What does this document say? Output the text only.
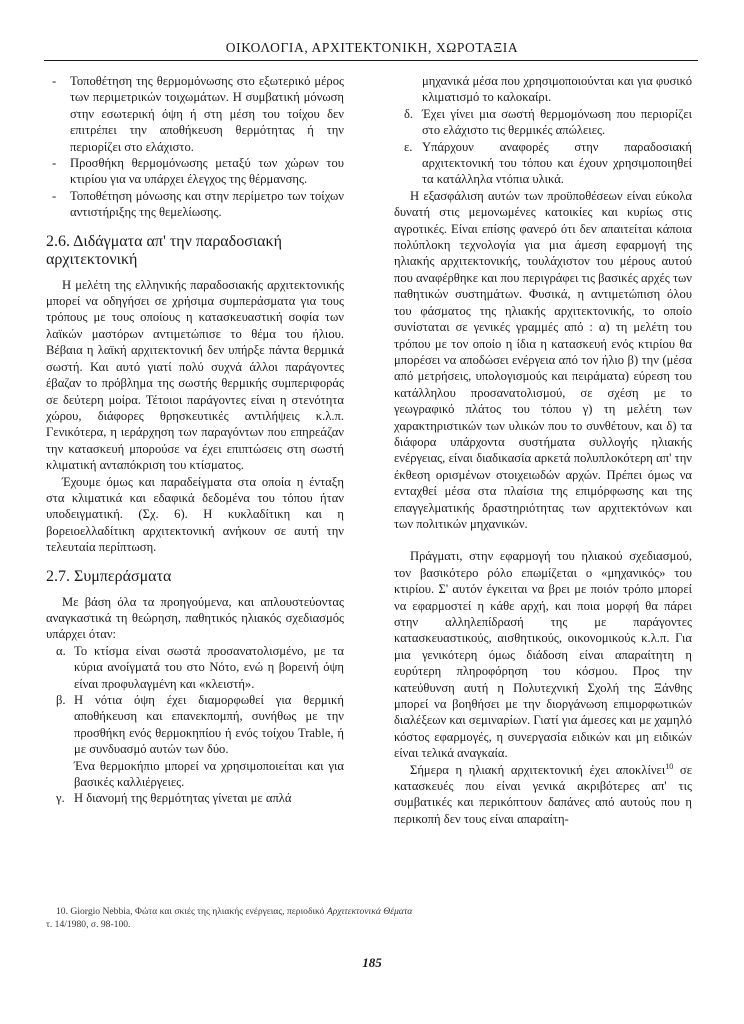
ΟΙΚΟΛΟΓΙΑ, ΑΡΧΙΤΕΚΤΟΝΙΚΗ, ΧΩΡΟΤΑΞΙΑ
- Τοποθέτηση της θερμομόνωσης στο εξωτερικό μέρος των περιμετρικών τοιχωμάτων. Η συμβατική μόνωση στην εσωτερική όψη ή στη μέση του τοίχου δεν επιτρέπει την αποθήκευση θερμότητας ή την περιορίζει στο ελάχιστο.
- Προσθήκη θερμομόνωσης μεταξύ των χώρων του κτιρίου για να υπάρχει έλεγχος της θέρμανσης.
- Τοποθέτηση μόνωσης και στην περίμετρο των τοίχων αντιστήριξης της θεμελίωσης.
2.6. Διδάγματα απ' την παραδοσιακή αρχιτεκτονική

Η μελέτη της ελληνικής παραδοσιακής αρχιτεκτονικής μπορεί να οδηγήσει σε χρήσιμα συμπεράσματα για τους τρόπους με τους οποίους η κατασκευαστική σοφία των λαϊκών μαστόρων αντιμετώπισε το θέμα του ήλιου. Βέβαια η λαϊκή αρχιτεκτονική δεν υπήρξε πάντα θερμικά σωστή. Και αυτό γιατί πολύ συχνά άλλοι παράγοντες έβαζαν το πρόβλημα της σωστής θερμικής συμπεριφοράς σε δεύτερη μοίρα. Τέτοιοι παράγοντες είναι η στενότητα χώρου, διάφορες θρησκευτικές αντιλήψεις κ.λ.π. Γενικότερα, η ιεράρχηση των παραγόντων που επηρεάζαν την κατασκευή μπορούσε να έχει επιπτώσεις στη σωστή κλιματική ανταπόκριση του κτίσματος.

Έχουμε όμως και παραδείγματα στα οποία η ένταξη στα κλιματικά και εδαφικά δεδομένα του τόπου ήταν υποδειγματική. (Σχ. 6). Η κυκλαδίτικη και η βορειοελλαδίτικη αρχιτεκτονική ανήκουν σε αυτή την τελευταία περίπτωση.

2.7. Συμπεράσματα

Με βάση όλα τα προηγούμενα, και απλουστεύοντας αναγκαστικά τη θεώρηση, παθητικός ηλιακός σχεδιασμός υπάρχει όταν:

α. Το κτίσμα είναι σωστά προσανατολισμένο, με τα κύρια ανοίγματά του στο Νότο, ενώ η βορεινή όψη είναι προφυλαγμένη και «κλειστή».
β. Η νότια όψη έχει διαμορφωθεί για θερμική αποθήκευση και επανεκπομπή, συνήθως με την προσθήκη ενός θερμοκηπίου ή ενός τοίχου Trable, ή με συνδυασμό αυτών των δύο.
Ένα θερμοκήπιο μπορεί να χρησιμοποιείται και για βασικές καλλιέργειες.
γ. Η διανομή της θερμότητας γίνεται με απλά
μηχανικά μέσα που χρησιμοποιούνται και για φυσικό κλιματισμό το καλοκαίρι.
δ. Έχει γίνει μια σωστή θερμομόνωση που περιορίζει στο ελάχιστο τις θερμικές απώλειες.
ε. Υπάρχουν αναφορές στην παραδοσιακή αρχιτεκτονική του τόπου και έχουν χρησιμοποιηθεί τα κατάλληλα ντόπια υλικά.

Η εξασφάλιση αυτών των προϋποθέσεων είναι εύκολα δυνατή στις μεμονωμένες κατοικίες και κυρίως στις αγροτικές. Είναι επίσης φανερό ότι δεν απαιτείται κάποια πολύπλοκη τεχνολογία για μια άμεση εφαρμογή της ηλιακής αρχιτεκτονικής, τουλάχιστον του μέρους αυτού που αναφέρθηκε και που περιγράφει τις βασικές αρχές των παθητικών συστημάτων. Φυσικά, η αντιμετώπιση όλου του φάσματος της ηλιακής αρχιτεκτονικής, το οποίο συνίσταται σε γενικές γραμμές από : α) τη μελέτη του τρόπου με τον οποίο η ίδια η κατασκευή ενός κτιρίου θα μπορέσει να αποδώσει ενέργεια από τον ήλιο β) την (μέσα από μετρήσεις, υπολογισμούς και πειράματα) εύρεση του κατάλληλου προσανατολισμού, σε σχέση με το γεωγραφικό πλάτος του τόπου γ) τη μελέτη των χαρακτηριστικών των υλικών που το συνθέτουν, και δ) τα διάφορα υπάρχοντα συστήματα συλλογής ηλιακής ενέργειας, είναι διαδικασία αρκετά πολυπλοκότερη απ' την έκθεση ορισμένων στοιχειωδών αρχών. Πρέπει όμως να ενταχθεί μέσα στα πλαίσια της επιμόρφωσης και της επαγγελματικής δραστηριότητας των αρχιτεκτόνων και των πολιτικών μηχανικών.

Πράγματι, στην εφαρμογή του ηλιακού σχεδιασμού, τον βασικότερο ρόλο επωμίζεται ο «μηχανικός» του κτιρίου. Σ' αυτόν έγκειται να βρει με ποιόν τρόπο μπορεί να εφαρμοστεί η κάθε αρχή, και ποια μορφή θα πάρει στην αλληλεπίδρασή της με παράγοντες κατασκευαστικούς, αισθητικούς, οικονομικούς κ.λ.π. Για μια γενικότερη όμως διάδοση είναι απαραίτητη η ευρύτερη πληροφόρηση του κόσμου. Προς την κατεύθυνση αυτή η Πολυτεχνική Σχολή της Ξάνθης μπορεί να βοηθήσει με την διοργάνωση επιμορφωτικών διαλέξεων και σεμιναρίων. Γιατί για άμεσες και με χαμηλό κόστος εφαρμογές, η συνεργασία ειδικών και μη ειδικών είναι τελικά αναγκαία.

Σήμερα η ηλιακή αρχιτεκτονική έχει αποκλίνει$^{10}$ σε κατασκευές που είναι γενικά ακριβότερες απ' τις συμβατικές και περικόπτουν δαπάνες από αυτούς που η περικοπή δεν τους είναι απαραίτη-

10. Giorgio Nebbia, Φώτα και σκιές της ηλιακής ενέργειας, περιοδικό Αρχιτεκτονικά Θέματα
τ. 14/1980, σ. 98-100.
185
